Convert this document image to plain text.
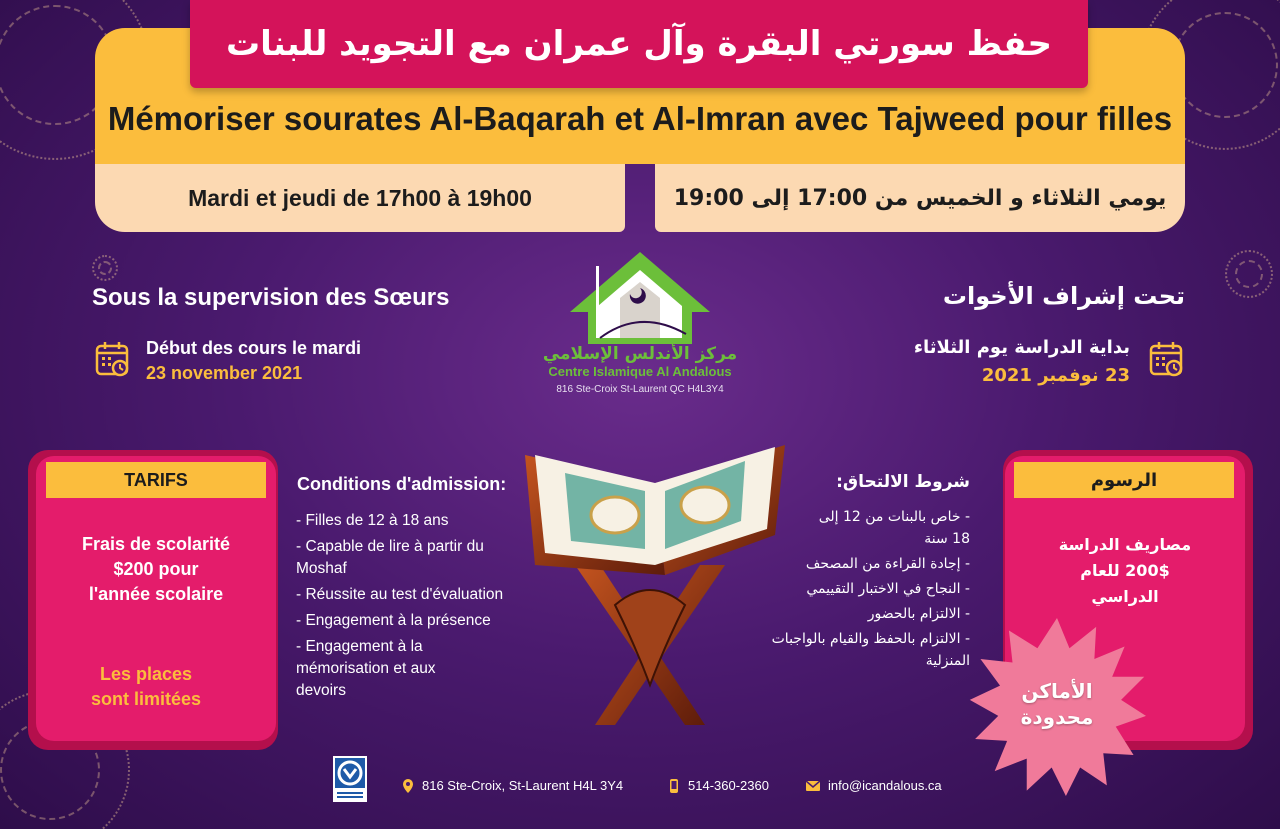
حفظ سورتي البقرة وآل عمران مع التجويد للبنات
Mémoriser sourates Al-Baqarah et Al-Imran avec Tajweed pour filles
Mardi et jeudi de 17h00 à 19h00	يومي الثلاثاء و الخميس من 17:00 إلى 19:00
Sous la supervision des Sœurs	تحت إشراف الأخوات
Début des cours le mardi
23 november 2021
بداية الدراسة يوم الثلاثاء
23 نوفمبر 2021
مركز الأندلس الإسلامي
Centre Islamique Al Andalous
816 Ste-Croix St-Laurent QC H4L3Y4
TARIFS
Frais de scolarité
$200 pour
l'année scolaire
Les places
sont limitées
الرسوم
مصاريف الدراسة
200$ للعام
الدراسي
Conditions d'admission:
- Filles de 12 à 18 ans
- Capable de lire à partir du Moshaf
- Réussite au test d'évaluation
- Engagement à la présence
- Engagement à la mémorisation et aux devoirs
شروط الالتحاق:
- خاص بالبنات من 12 إلى 18 سنة
- إجادة القراءة من المصحف
- النجاح في الاختبار التقييمي
- الالتزام بالحضور
- الالتزام بالحفظ والقيام بالواجبات المنزلية
الأماكن
محدودة
816 Ste-Croix, St-Laurent H4L 3Y4	514-360-2360	info@icandalous.ca
